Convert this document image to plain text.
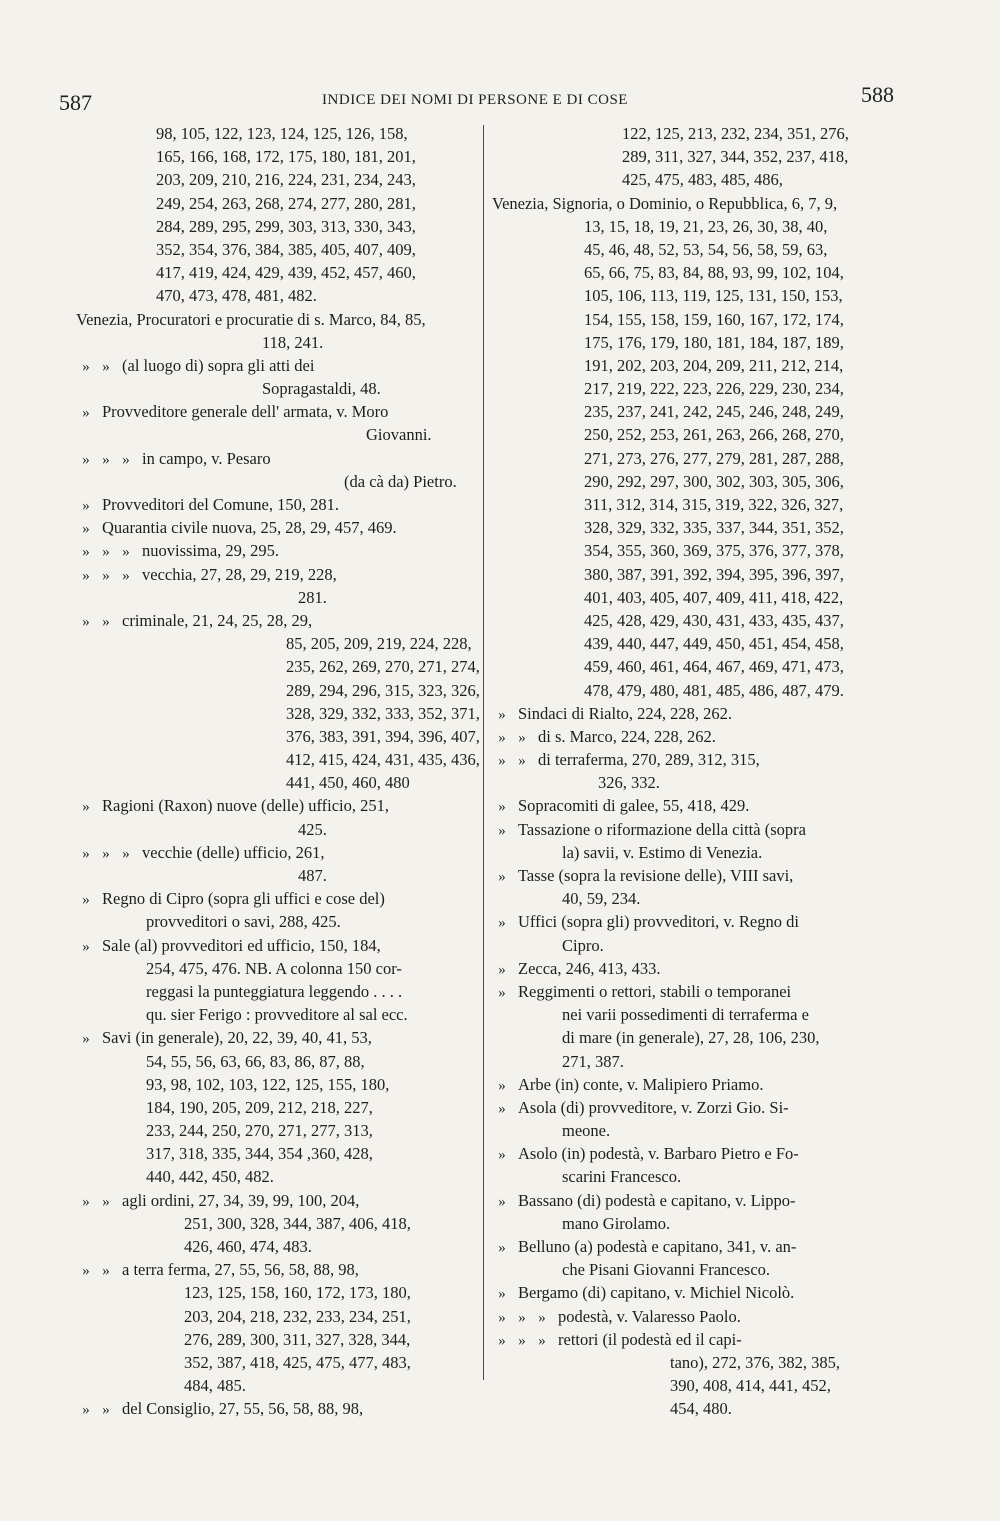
587	INDICE DEI NOMI DI PERSONE E DI COSE	588
98, 105, 122, 123, 124, 125, 126, 158,
165, 166, 168, 172, 175, 180, 181, 201,
203, 209, 210, 216, 224, 231, 234, 243,
249, 254, 263, 268, 274, 277, 280, 281,
284, 289, 295, 299, 303, 313, 330, 343,
352, 354, 376, 384, 385, 405, 407, 409,
417, 419, 424, 429, 439, 452, 457, 460,
470, 473, 478, 481, 482.
Venezia, Procuratori e procuratie di s. Marco, 84, 85,
118, 241.
» » (al luogo di) sopra gli atti dei
Sopragastaldi, 48.
» Provveditore generale dell' armata, v. Moro
Giovanni.
» » » in campo, v. Pesaro
(da cà da) Pietro.
» Provveditori del Comune, 150, 281.
» Quarantia civile nuova, 25, 28, 29, 457, 469.
» » » nuovissima, 29, 295.
» » » vecchia, 27, 28, 29, 219, 228,
281.
» » criminale, 21, 24, 25, 28, 29,
85, 205, 209, 219, 224, 228,
235, 262, 269, 270, 271, 274,
289, 294, 296, 315, 323, 326,
328, 329, 332, 333, 352, 371,
376, 383, 391, 394, 396, 407,
412, 415, 424, 431, 435, 436,
441, 450, 460, 480
» Ragioni (Raxon) nuove (delle) ufficio, 251,
425.
» » » vecchie (delle) ufficio, 261,
487.
» Regno di Cipro (sopra gli uffici e cose del)
provveditori o savi, 288, 425.
» Sale (al) provveditori ed ufficio, 150, 184,
254, 475, 476. NB. A colonna 150 cor-
reggasi la punteggiatura leggendo . . . .
qu. sier Ferigo : provveditore al sal ecc.
» Savi (in generale), 20, 22, 39, 40, 41, 53,
54, 55, 56, 63, 66, 83, 86, 87, 88,
93, 98, 102, 103, 122, 125, 155, 180,
184, 190, 205, 209, 212, 218, 227,
233, 244, 250, 270, 271, 277, 313,
317, 318, 335, 344, 354 ,360, 428,
440, 442, 450, 482.
» » agli ordini, 27, 34, 39, 99, 100, 204,
251, 300, 328, 344, 387, 406, 418,
426, 460, 474, 483.
» » a terra ferma, 27, 55, 56, 58, 88, 98,
123, 125, 158, 160, 172, 173, 180,
203, 204, 218, 232, 233, 234, 251,
276, 289, 300, 311, 327, 328, 344,
352, 387, 418, 425, 475, 477, 483,
484, 485.
» » del Consiglio, 27, 55, 56, 58, 88, 98,
122, 125, 213, 232, 234, 351, 276,
289, 311, 327, 344, 352, 237, 418,
425, 475, 483, 485, 486,
Venezia, Signoria, o Dominio, o Repubblica, 6, 7, 9,
13, 15, 18, 19, 21, 23, 26, 30, 38, 40,
45, 46, 48, 52, 53, 54, 56, 58, 59, 63,
65, 66, 75, 83, 84, 88, 93, 99, 102, 104,
105, 106, 113, 119, 125, 131, 150, 153,
154, 155, 158, 159, 160, 167, 172, 174,
175, 176, 179, 180, 181, 184, 187, 189,
191, 202, 203, 204, 209, 211, 212, 214,
217, 219, 222, 223, 226, 229, 230, 234,
235, 237, 241, 242, 245, 246, 248, 249,
250, 252, 253, 261, 263, 266, 268, 270,
271, 273, 276, 277, 279, 281, 287, 288,
290, 292, 297, 300, 302, 303, 305, 306,
311, 312, 314, 315, 319, 322, 326, 327,
328, 329, 332, 335, 337, 344, 351, 352,
354, 355, 360, 369, 375, 376, 377, 378,
380, 387, 391, 392, 394, 395, 396, 397,
401, 403, 405, 407, 409, 411, 418, 422,
425, 428, 429, 430, 431, 433, 435, 437,
439, 440, 447, 449, 450, 451, 454, 458,
459, 460, 461, 464, 467, 469, 471, 473,
478, 479, 480, 481, 485, 486, 487, 479.
» Sindaci di Rialto, 224, 228, 262.
» » di s. Marco, 224, 228, 262.
» » di terraferma, 270, 289, 312, 315,
326, 332.
» Sopracomiti di galee, 55, 418, 429.
» Tassazione o riformazione della città (sopra
la) savii, v. Estimo di Venezia.
» Tasse (sopra la revisione delle), VIII savi,
40, 59, 234.
» Uffici (sopra gli) provveditori, v. Regno di
Cipro.
» Zecca, 246, 413, 433.
» Reggimenti o rettori, stabili o temporanei
nei varii possedimenti di terraferma e
di mare (in generale), 27, 28, 106, 230,
271, 387.
» Arbe (in) conte, v. Malipiero Priamo.
» Asola (di) provveditore, v. Zorzi Gio. Si-
meone.
» Asolo (in) podestà, v. Barbaro Pietro e Fo-
scarini Francesco.
» Bassano (di) podestà e capitano, v. Lippo-
mano Girolamo.
» Belluno (a) podestà e capitano, 341, v. an-
che Pisani Giovanni Francesco.
» Bergamo (di) capitano, v. Michiel Nicolò.
» » » podestà, v. Valaresso Paolo.
» » » rettori (il podestà ed il capi-
tano), 272, 376, 382, 385,
390, 408, 414, 441, 452,
454, 480.
